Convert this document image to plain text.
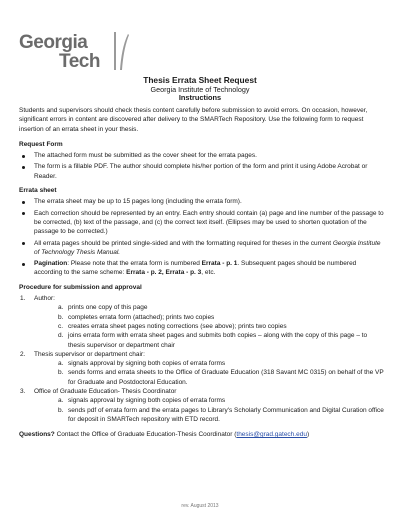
Georgia
Tech
Thesis Errata Sheet Request
Georgia Institute of Technology
Instructions

Students and supervisors should check thesis content carefully before submission to avoid errors. On occasion, however, significant errors in content are discovered after delivery to the SMARTech Repository. Use the following form to request insertion of an errata sheet in your thesis.

Request Form
The attached form must be submitted as the cover sheet for the errata pages.
The form is a fillable PDF. The author should complete his/her portion of the form and print it using Adobe Acrobat or Reader.
Errata sheet
The errata sheet may be up to 15 pages long (including the errata form).
Each correction should be represented by an entry. Each entry should contain (a) page and line number of the passage to be corrected, (b) text of the passage, and (c) the correct text itself. (Ellipses may be used to shorten quotation of the passage to be corrected.)
All errata pages should be printed single-sided and with the formatting required for theses in the current Georgia Institute of Technology Thesis Manual.
Pagination: Please note that the errata form is numbered Errata - p. 1. Subsequent pages should be numbered according to the same scheme: Errata - p. 2, Errata - p. 3, etc.
Procedure for submission and approval
1. Author:
a. prints one copy of this page
b. completes errata form (attached); prints two copies
c. creates errata sheet pages noting corrections (see above); prints two copies
d. joins errata form with errata sheet pages and submits both copies – along with the copy of this page – to thesis supervisor or department chair
2. Thesis supervisor or department chair:
a. signals approval by signing both copies of errata forms
b. sends forms and errata sheets to the Office of Graduate Education (318 Savant MC 0315) on behalf of the VP for Graduate and Postdoctoral Education.
3. Office of Graduate Education- Thesis Coordinator
a. signals approval by signing both copies of errata forms
b. sends pdf of errata form and the errata pages to Library's Scholarly Communication and Digital Curation office for deposit in SMARTech repository with ETD record.

Questions? Contact the Office of Graduate Education-Thesis Coordinator (thesis@grad.gatech.edu)

rev. August 2013
